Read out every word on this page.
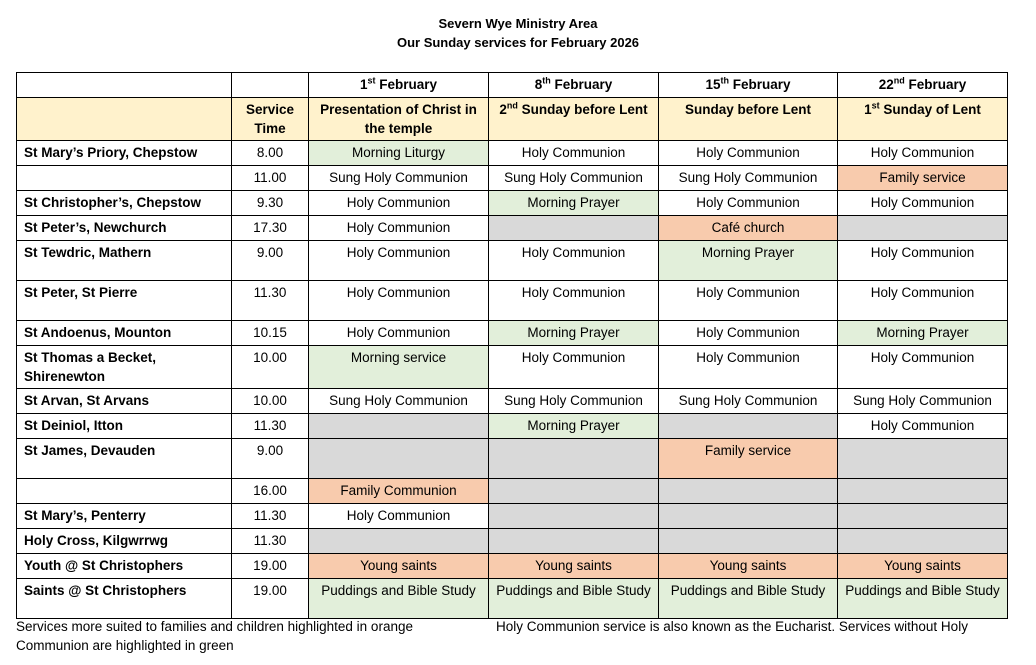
Severn Wye Ministry Area
Our Sunday services for February 2026
		1st February	8th February	15th February	22nd February
	Service Time	Presentation of Christ in the temple	2nd Sunday before Lent	Sunday before Lent	1st Sunday of Lent
St Mary’s Priory, Chepstow	8.00	Morning Liturgy	Holy Communion	Holy Communion	Holy Communion
	11.00	Sung Holy Communion	Sung Holy Communion	Sung Holy Communion	Family service
St Christopher’s, Chepstow	9.30	Holy Communion	Morning Prayer	Holy Communion	Holy Communion
St Peter’s, Newchurch	17.30	Holy Communion		Café church	
St Tewdric, Mathern	9.00	Holy Communion	Holy Communion	Morning Prayer	Holy Communion
St Peter, St Pierre	11.30	Holy Communion	Holy Communion	Holy Communion	Holy Communion
St Andoenus, Mounton	10.15	Holy Communion	Morning Prayer	Holy Communion	Morning Prayer
St Thomas a Becket, Shirenewton	10.00	Morning service	Holy Communion	Holy Communion	Holy Communion
St Arvan, St Arvans	10.00	Sung Holy Communion	Sung Holy Communion	Sung Holy Communion	Sung Holy Communion
St Deiniol, Itton	11.30		Morning Prayer		Holy Communion
St James, Devauden	9.00			Family service	
	16.00	Family Communion			
St Mary’s, Penterry	11.30	Holy Communion			
Holy Cross, Kilgwrrwg	11.30				
Youth @ St Christophers	19.00	Young saints	Young saints	Young saints	Young saints
Saints @ St Christophers	19.00	Puddings and Bible Study	Puddings and Bible Study	Puddings and Bible Study	Puddings and Bible Study
Services more suited to families and children highlighted in orange
Communion are highlighted in green
Holy Communion service is also known as the Eucharist. Services without Holy
